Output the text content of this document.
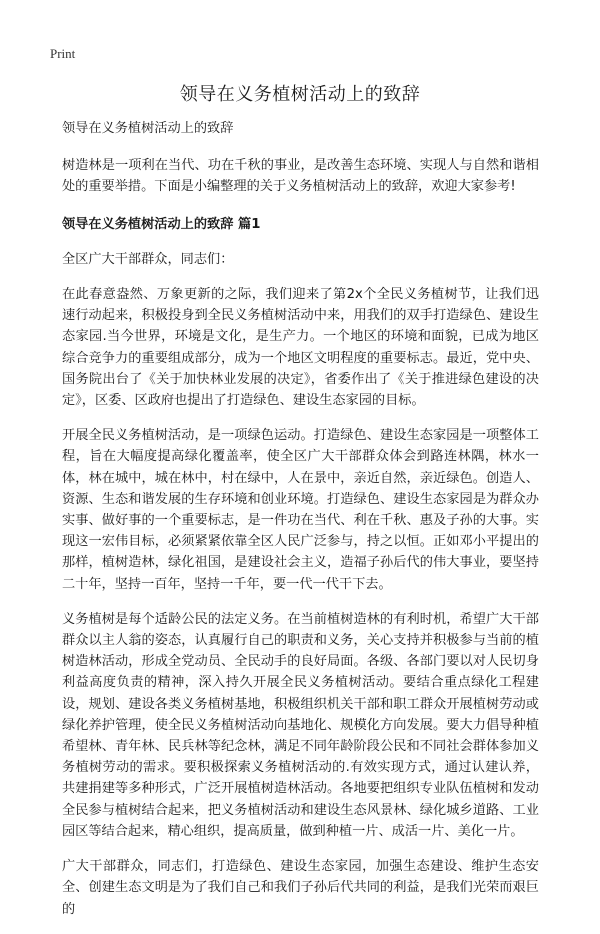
Print
领导在义务植树活动上的致辞

领导在义务植树活动上的致辞

树造林是一项利在当代、功在千秋的事业，是改善生态环境、实现人与自然和谐相处的重要举措。下面是小编整理的关于义务植树活动上的致辞，欢迎大家参考!

领导在义务植树活动上的致辞 篇1

全区广大干部群众，同志们：

在此春意盎然、万象更新的之际，我们迎来了第2x个全民义务植树节，让我们迅速行动起来，积极投身到全民义务植树活动中来，用我们的双手打造绿色、建设生态家园.当今世界，环境是文化，是生产力。一个地区的环境和面貌，已成为地区综合竞争力的重要组成部分，成为一个地区文明程度的重要标志。最近，党中央、国务院出台了《关于加快林业发展的决定》，省委作出了《关于推进绿色建设的决定》，区委、区政府也提出了打造绿色、建设生态家园的目标。

开展全民义务植树活动，是一项绿色运动。打造绿色、建设生态家园是一项整体工程，旨在大幅度提高绿化覆盖率，使全区广大干部群众体会到路连林隅，林水一体，林在城中，城在林中，村在绿中，人在景中，亲近自然，亲近绿色。创造人、资源、生态和谐发展的生存环境和创业环境。打造绿色、建设生态家园是为群众办实事、做好事的一个重要标志，是一件功在当代、利在千秋、惠及子孙的大事。实现这一宏伟目标，必须紧紧依靠全区人民广泛参与，持之以恒。正如邓小平提出的那样，植树造林，绿化祖国，是建设社会主义，造福子孙后代的伟大事业，要坚持二十年，坚持一百年，坚持一千年，要一代一代干下去。

义务植树是每个适龄公民的法定义务。在当前植树造林的有利时机，希望广大干部群众以主人翁的姿态，认真履行自己的职责和义务，关心支持并积极参与当前的植树造林活动，形成全党动员、全民动手的良好局面。各级、各部门要以对人民切身利益高度负责的精神，深入持久开展全民义务植树活动。要结合重点绿化工程建设，规划、建设各类义务植树基地，积极组织机关干部和职工群众开展植树劳动或绿化养护管理，使全民义务植树活动向基地化、规模化方向发展。要大力倡导种植希望林、青年林、民兵林等纪念林，满足不同年龄阶段公民和不同社会群体参加义务植树劳动的需求。要积极探索义务植树活动的.有效实现方式，通过认建认养，共建捐建等多种形式，广泛开展植树造林活动。各地要把组织专业队伍植树和发动全民参与植树结合起来，把义务植树活动和建设生态风景林、绿化城乡道路、工业园区等结合起来，精心组织，提高质量，做到种植一片、成活一片、美化一片。

广大干部群众，同志们，打造绿色、建设生态家园，加强生态建设、维护生态安全、创建生态文明是为了我们自己和我们子孙后代共同的利益，是我们光荣而艰巨的
